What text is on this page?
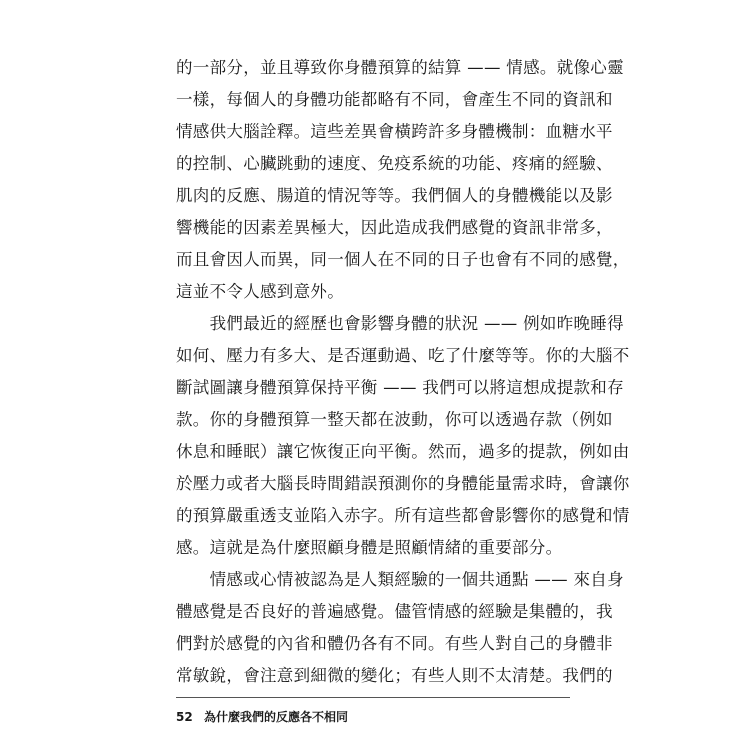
的一部分，並且導致你身體預算的結算 —— 情感。就像心靈
一樣，每個人的身體功能都略有不同，會產生不同的資訊和
情感供大腦詮釋。這些差異會橫跨許多身體機制：血糖水平
的控制、心臟跳動的速度、免疫系統的功能、疼痛的經驗、
肌肉的反應、腸道的情況等等。我們個人的身體機能以及影
響機能的因素差異極大，因此造成我們感覺的資訊非常多，
而且會因人而異，同一個人在不同的日子也會有不同的感覺，
這並不令人感到意外。
　　我們最近的經歷也會影響身體的狀況 —— 例如昨晚睡得
如何、壓力有多大、是否運動過、吃了什麼等等。你的大腦不
斷試圖讓身體預算保持平衡 —— 我們可以將這想成提款和存
款。你的身體預算一整天都在波動，你可以透過存款（例如
休息和睡眠）讓它恢復正向平衡。然而，過多的提款，例如由
於壓力或者大腦長時間錯誤預測你的身體能量需求時，會讓你
的預算嚴重透支並陷入赤字。所有這些都會影響你的感覺和情
感。這就是為什麼照顧身體是照顧情緒的重要部分。
　　情感或心情被認為是人類經驗的一個共通點 —— 來自身
體感覺是否良好的普遍感覺。儘管情感的經驗是集體的，我
們對於感覺的內省和體仍各有不同。有些人對自己的身體非
常敏銳，會注意到細微的變化；有些人則不太清楚。我們的
52 為什麼我們的反應各不相同
